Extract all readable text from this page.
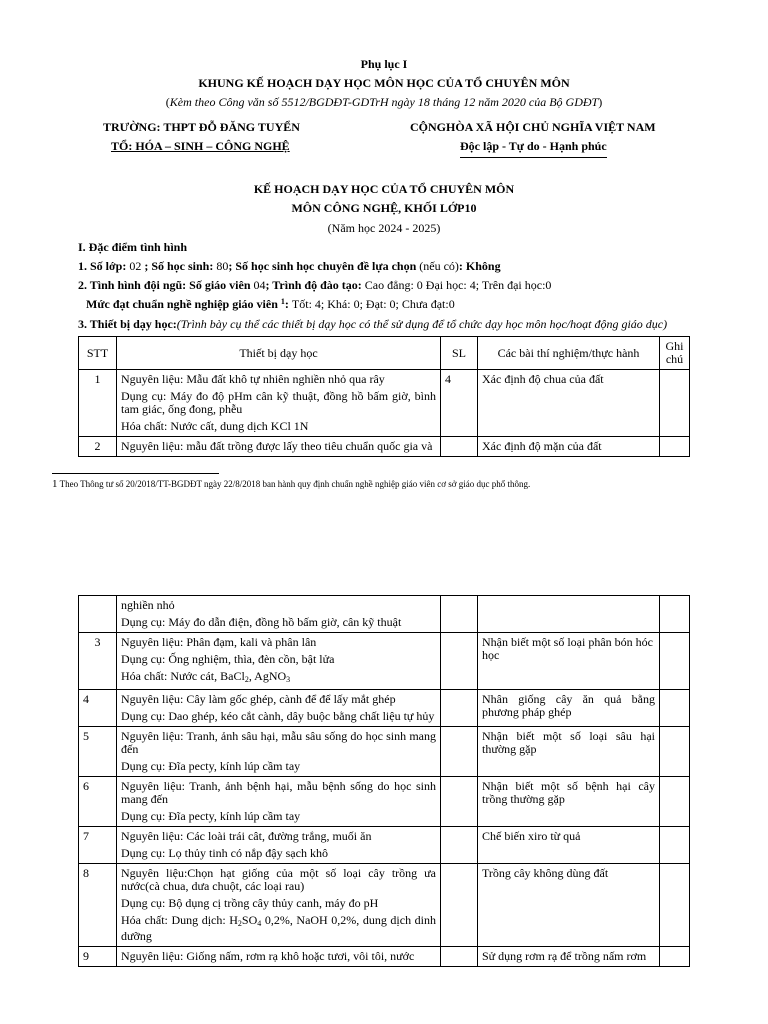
Phụ lục I
KHUNG KẾ HOẠCH DẠY HỌC MÔN HỌC CỦA TỔ CHUYÊN MÔN
(Kèm theo Công văn số 5512/BGDĐT-GDTrH ngày 18 tháng 12 năm 2020 của Bộ GDĐT)
TRƯỜNG: THPT ĐỖ ĐĂNG TUYỂN
TỔ: HÓA – SINH – CÔNG NGHỆ
CỘNGHÒA XÃ HỘI CHỦ NGHĨA VIỆT NAM
Độc lập - Tự do - Hạnh phúc
KẾ HOẠCH DẠY HỌC CỦA TỔ CHUYÊN MÔN
MÔN CÔNG NGHỆ, KHỐI LỚP10
(Năm học 2024 - 2025)
I. Đặc điểm tình hình
1. Số lớp: 02 ; Số học sinh: 80; Số học sinh học chuyên đề lựa chọn (nếu có): Không
2. Tình hình đội ngũ: Số giáo viên 04; Trình độ đào tạo: Cao đẳng: 0 Đại học: 4; Trên đại học:0
Mức đạt chuẩn nghề nghiệp giáo viên $^1$: Tốt: 4; Khá: 0; Đạt: 0; Chưa đạt:0
3. Thiết bị dạy học:(Trình bày cụ thể các thiết bị dạy học có thể sử dụng để tổ chức dạy học môn học/hoạt động giáo dục)
STT	Thiết bị dạy học	SL	Các bài thí nghiệm/thực hành	Ghi chú
1	Nguyên liệu: Mẫu đất khô tự nhiên nghiền nhỏ qua rây

Dụng cụ: Máy đo độ pHm cân kỹ thuật, đồng hồ bấm giờ, bình tam giác, ống đong, phễu

Hóa chất: Nước cất, dung dịch KCl 1N	4	Xác định độ chua của đất	
2	Nguyên liệu: mẫu đất trồng được lấy theo tiêu chuẩn quốc gia và		Xác định độ mặn của đất	
1 Theo Thông tư số 20/2018/TT-BGDĐT ngày 22/8/2018 ban hành quy định chuẩn nghề nghiệp giáo viên cơ sở giáo dục phổ thông.

	nghiền nhỏ

Dụng cụ: Máy đo dẫn điện, đồng hồ bấm giờ, cân kỹ thuật			

3	Nguyên liệu: Phân đạm, kali và phân lân

Dụng cụ: Ống nghiệm, thìa, đèn cồn, bật lửa

Hóa chất: Nước cát, BaCl$_2$, AgNO$_3$		Nhận biết một số loại phân bón hóc học	
4	Nguyên liệu: Cây làm gốc ghép, cành để để lấy mắt ghép

Dụng cụ: Dao ghép, kéo cắt cành, dây buộc bằng chất liệu tự hủy		Nhân giống cây ăn quả bằng phương pháp ghép	
5	Nguyên liệu: Tranh, ảnh sâu hại, mẫu sâu sống do học sinh mang đến

Dụng cụ: Đĩa pecty, kính lúp cầm tay		Nhận biết một số loại sâu hại thường gặp	
6	Nguyên liệu: Tranh, ảnh bệnh hại, mẫu bệnh sống do học sinh mang đến

Dụng cụ: Đĩa pecty, kính lúp cầm tay		Nhận biết một số bệnh hại cây trồng thường gặp	
7	Nguyên liệu: Các loài trái cât, đường trắng, muối ăn

Dụng cụ: Lọ thủy tinh có nắp đậy sạch khô		Chế biến xiro từ quả	
8	Nguyên liệu:Chọn hạt giống của một số loại cây trồng ưa nước(cà chua, dưa chuột, các loại rau)

Dụng cụ: Bộ dụng cị trồng cây thủy canh, máy đo pH

Hóa chất: Dung dịch: $H_2SO_4$ 0,2%, NaOH 0,2%, dung dịch dinh dưỡng		Trồng cây không dùng đất	
9	Nguyên liệu: Giống nấm, rơm rạ khô hoặc tươi, vôi tôi, nước		Sử dụng rơm rạ để trồng nấm rơm	
